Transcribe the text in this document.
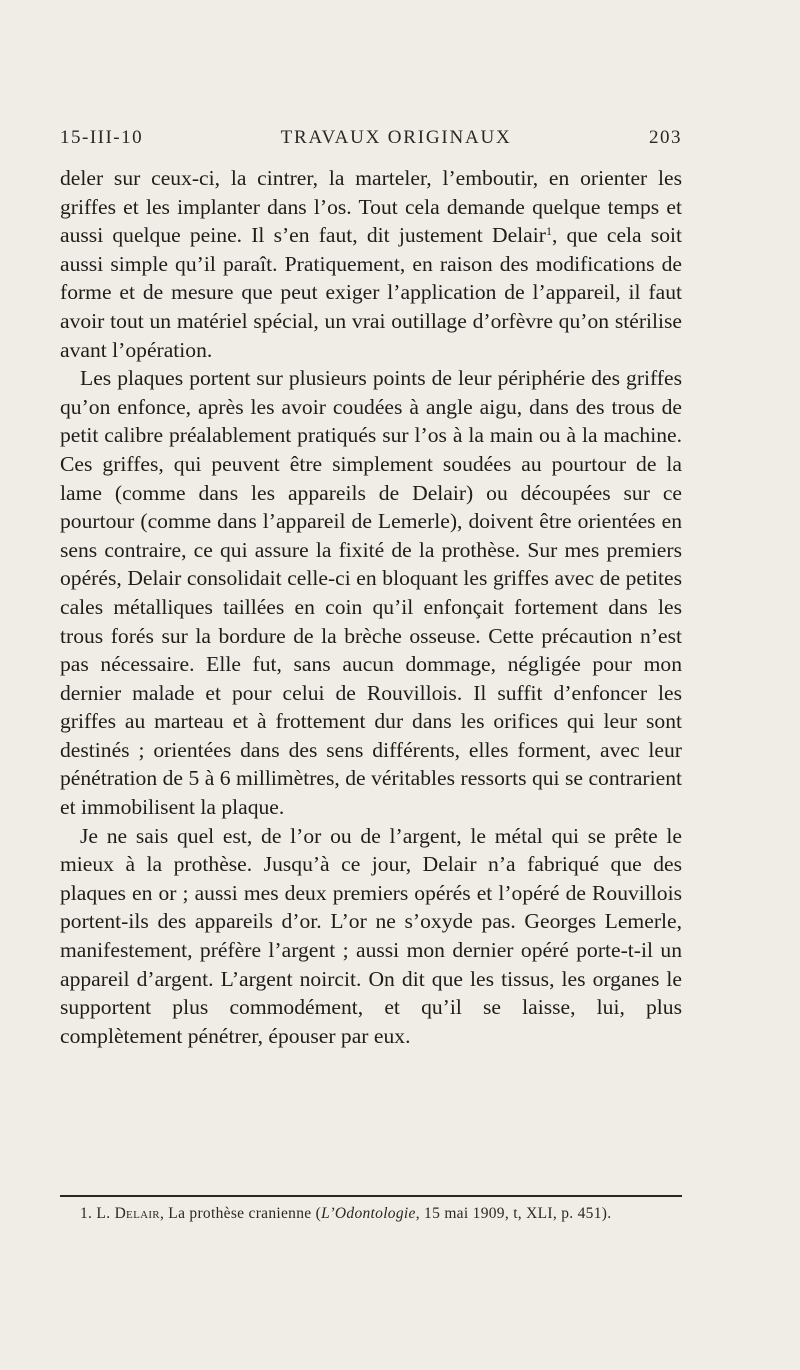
15-III-10	TRAVAUX ORIGINAUX	203

deler sur ceux-ci, la cintrer, la marteler, l’emboutir, en orienter les griffes et les implanter dans l’os. Tout cela demande quelque temps et aussi quelque peine. Il s’en faut, dit justement Delair$^1$, que cela soit aussi simple qu’il paraît. Pratiquement, en raison des modifications de forme et de mesure que peut exiger l’application de l’appareil, il faut avoir tout un matériel spécial, un vrai outillage d’orfèvre qu’on stérilise avant l’opération.

Les plaques portent sur plusieurs points de leur périphérie des griffes qu’on enfonce, après les avoir coudées à angle aigu, dans des trous de petit calibre préalablement pratiqués sur l’os à la main ou à la machine. Ces griffes, qui peuvent être simplement soudées au pourtour de la lame (comme dans les appareils de Delair) ou découpées sur ce pourtour (comme dans l’appareil de Lemerle), doivent être orientées en sens contraire, ce qui assure la fixité de la prothèse. Sur mes premiers opérés, Delair consolidait celle-ci en bloquant les griffes avec de petites cales métalliques taillées en coin qu’il enfonçait fortement dans les trous forés sur la bordure de la brèche osseuse. Cette précaution n’est pas nécessaire. Elle fut, sans aucun dommage, négligée pour mon dernier malade et pour celui de Rouvillois. Il suffit d’enfoncer les griffes au marteau et à frottement dur dans les orifices qui leur sont destinés ; orientées dans des sens différents, elles forment, avec leur pénétration de 5 à 6 millimètres, de véritables ressorts qui se contrarient et immobilisent la plaque.

Je ne sais quel est, de l’or ou de l’argent, le métal qui se prête le mieux à la prothèse. Jusqu’à ce jour, Delair n’a fabriqué que des plaques en or ; aussi mes deux premiers opérés et l’opéré de Rouvillois portent-ils des appareils d’or. L’or ne s’oxyde pas. Georges Lemerle, manifestement, préfère l’argent ; aussi mon dernier opéré porte-t-il un appareil d’argent. L’argent noircit. On dit que les tissus, les organes le supportent plus commodément, et qu’il se laisse, lui, plus complètement pénétrer, épouser par eux.

1. L. Delair, La prothèse cranienne (L’Odontologie, 15 mai 1909, t, XLI, p. 451).
